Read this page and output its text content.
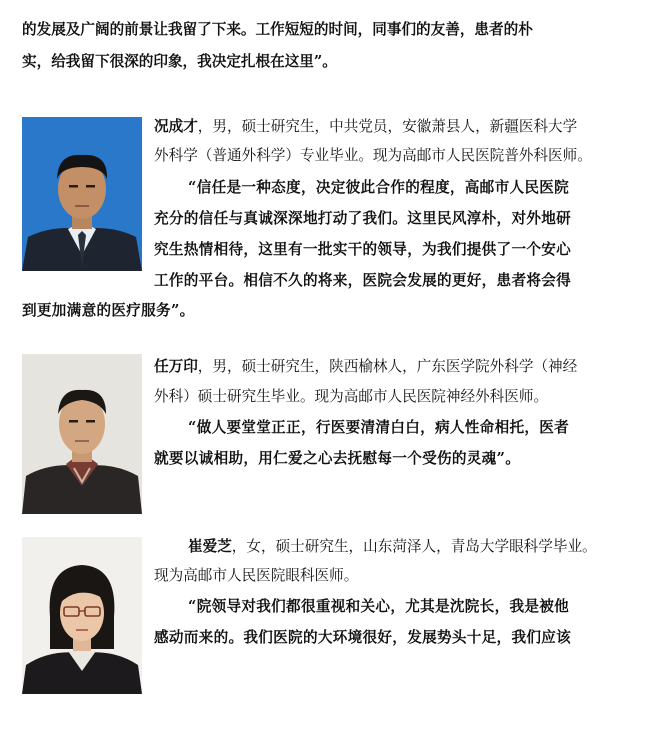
的发展及广阔的前景让我留了下来。工作短短的时间，同事们的友善，患者的朴
实，给我留下很深的印象，我决定扎根在这里”。
况成才，男，硕士研究生，中共党员，安徽萧县人，新疆医科大学
外科学（普通外科学）专业毕业。现为高邮市人民医院普外科医师。
“信任是一种态度，决定彼此合作的程度，高邮市人民医院
充分的信任与真诚深深地打动了我们。这里民风淳朴，对外地研
究生热情相待，这里有一批实干的领导，为我们提供了一个安心
工作的平台。相信不久的将来，医院会发展的更好，患者将会得
到更加满意的医疗服务”。
任万印，男，硕士研究生，陕西榆林人，广东医学院外科学（神经
外科）硕士研究生毕业。现为高邮市人民医院神经外科医师。
“做人要堂堂正正，行医要清清白白，病人性命相托，医者
就要以诚相助，用仁爱之心去抚慰每一个受伤的灵魂”。
崔爱芝，女，硕士研究生，山东菏泽人，青岛大学眼科学毕业。
现为高邮市人民医院眼科医师。
“院领导对我们都很重视和关心，尤其是沈院长，我是被他
感动而来的。我们医院的大环境很好，发展势头十足，我们应该
